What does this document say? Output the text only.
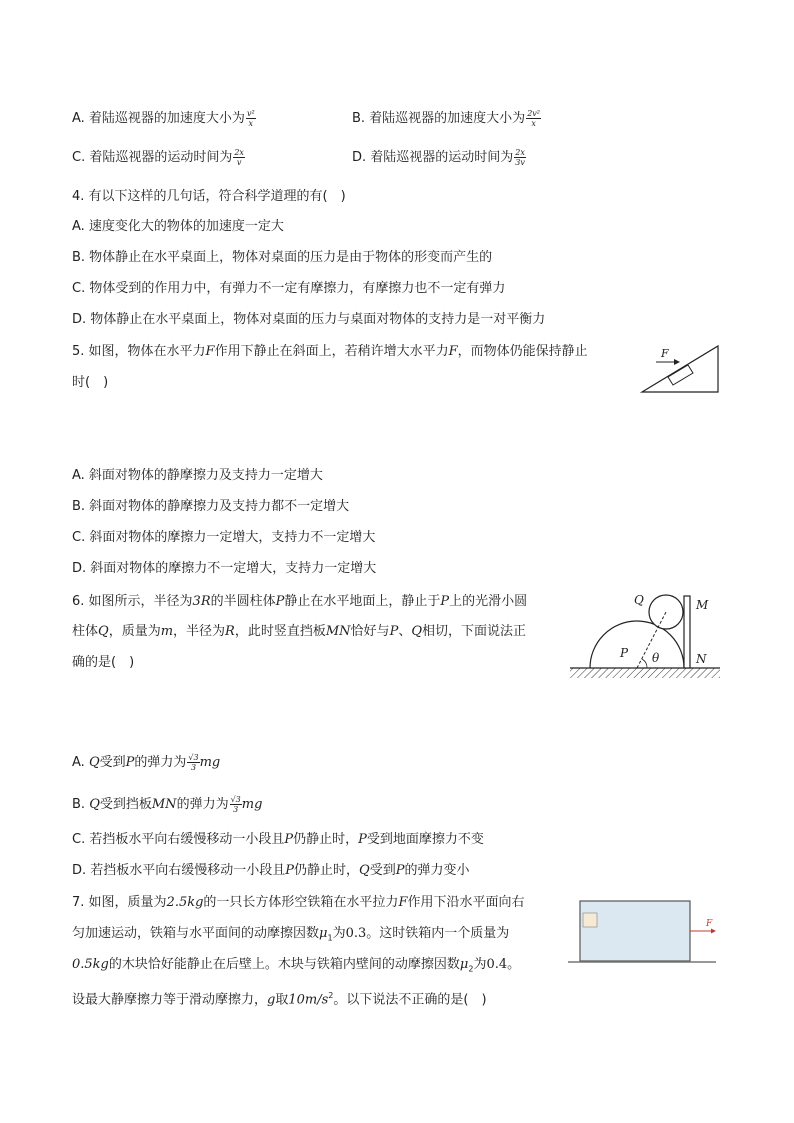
A. 着陆巡视器的加速度大小为 $\frac{\text{v²}}{x}$	B. 着陆巡视器的加速度大小为 $\frac{\text{2v²}}{x}$
C. 着陆巡视器的运动时间为 $\frac{2x}{v}$	D. 着陆巡视器的运动时间为 $\frac{2x}{3v}$
4. 有以下这样的几句话，符合科学道理的有(　)
A. 速度变化大的物体的加速度一定大
B. 物体静止在水平桌面上，物体对桌面的压力是由于物体的形变而产生的
C. 物体受到的作用力中，有弹力不一定有摩擦力，有摩擦力也不一定有弹力
D. 物体静止在水平桌面上，物体对桌面的压力与桌面对物体的支持力是一对平衡力
5. 如图，物体在水平力F作用下静止在斜面上，若稍许增大水平力F，而物体仍能保持静止
时(　)
F
A. 斜面对物体的静摩擦力及支持力一定增大
B. 斜面对物体的静摩擦力及支持力都不一定增大
C. 斜面对物体的摩擦力一定增大，支持力不一定增大
D. 斜面对物体的摩擦力不一定增大，支持力一定增大
6. 如图所示，半径为3R的半圆柱体P静止在水平地面上，静止于P上的光滑小圆
柱体Q，质量为m，半径为R，此时竖直挡板MN恰好与P、Q相切，下面说法正
确的是(　)
Q	M
P θ	N
A. Q受到P的弹力为 $\frac{√3}{3}$ mg
B. Q受到挡板MN的弹力为 $\frac{√3}{3}$ mg
C. 若挡板水平向右缓慢移动一小段且P仍静止时，P受到地面摩擦力不变
D. 若挡板水平向右缓慢移动一小段且P仍静止时，Q受到P的弹力变小
7. 如图，质量为2.5kg的一只长方体形空铁箱在水平拉力F作用下沿水平面向右
匀加速运动，铁箱与水平面间的动摩擦因数$\mu_1$为0.3。这时铁箱内一个质量为
0.5kg的木块恰好能静止在后壁上。木块与铁箱内壁间的动摩擦因数$\mu_2$为0.4。
设最大静摩擦力等于滑动摩擦力，g取$10m/s^2$。以下说法不正确的是(　)
F
